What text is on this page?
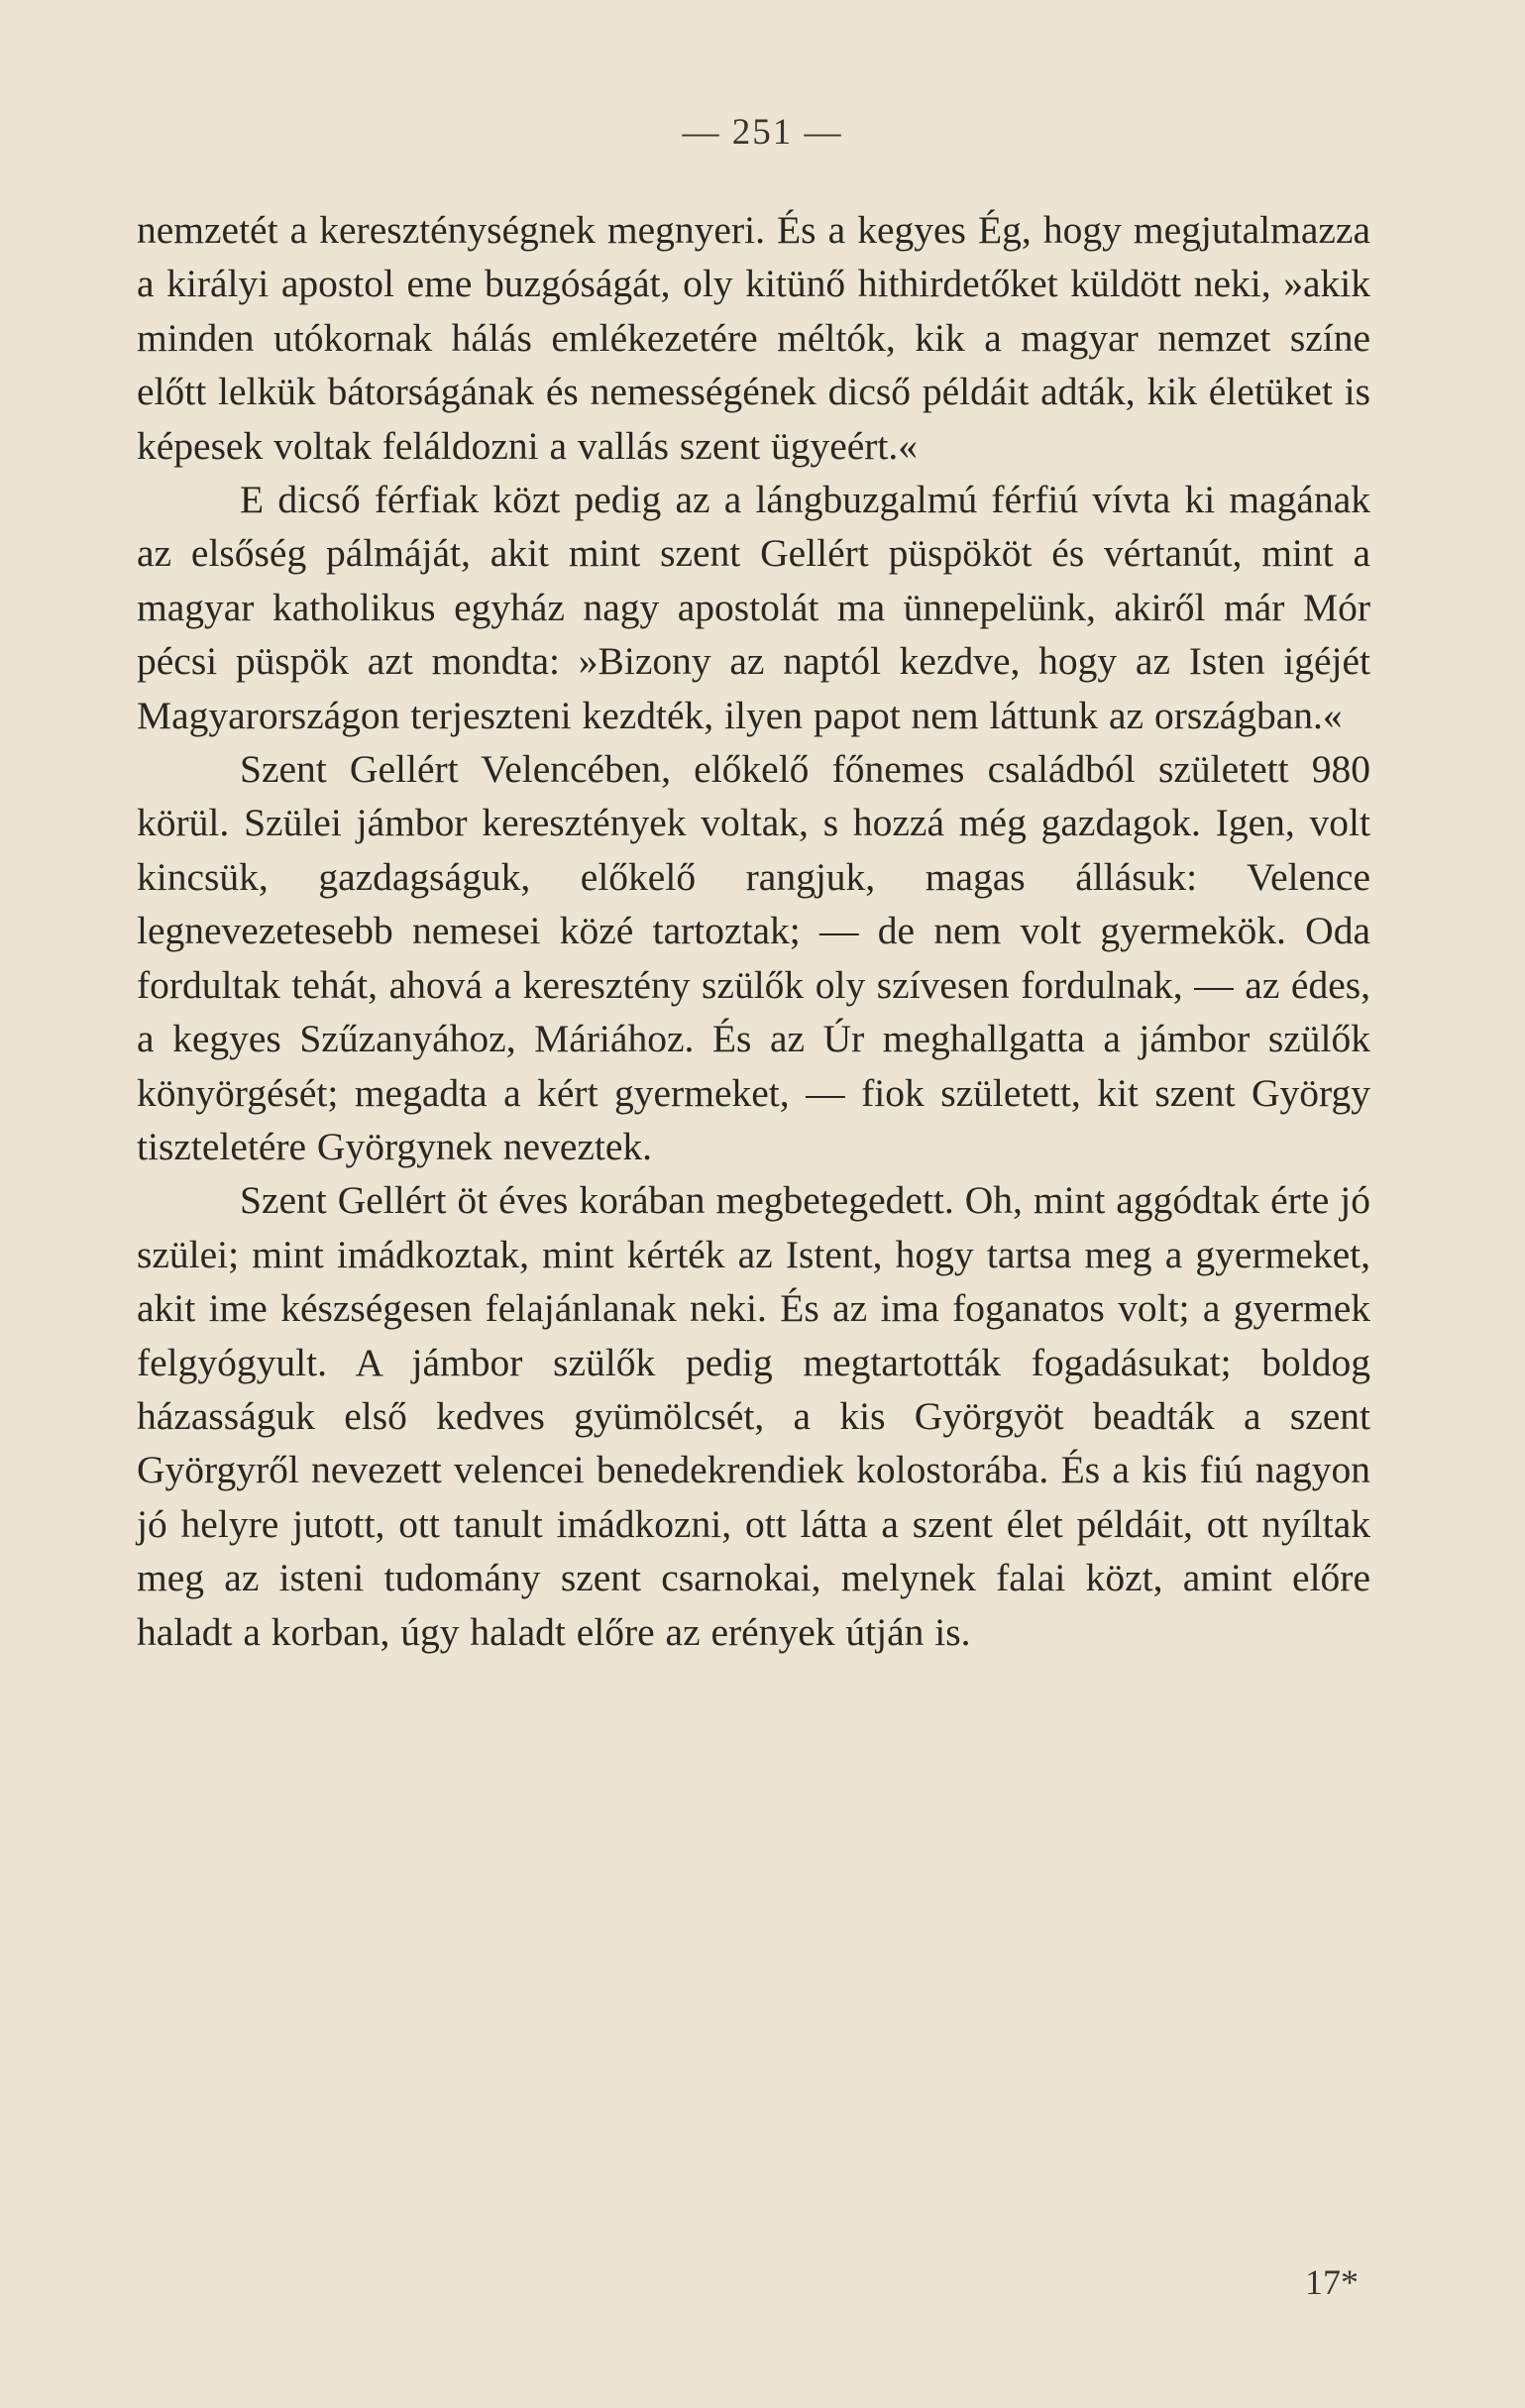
— 251 —

nemzetét a kereszténységnek megnyeri. És a kegyes Ég, hogy megjutalmazza a királyi apostol eme buzgóságát, oly kitünő hithirdetőket küldött neki, »akik minden utókornak hálás emlékezetére méltók, kik a magyar nemzet színe előtt lelkük bátorságának és nemességének dicső példáit adták, kik életüket is képesek voltak feláldozni a vallás szent ügyeért.«

E dicső férfiak közt pedig az a lángbuzgalmú férfiú vívta ki magának az elsőség pálmáját, akit mint szent Gellért püspököt és vértanút, mint a magyar katholikus egyház nagy apostolát ma ünnepelünk, akiről már Mór pécsi püspök azt mondta: »Bizony az naptól kezdve, hogy az Isten igéjét Magyarországon terjeszteni kezdték, ilyen papot nem láttunk az országban.«

Szent Gellért Velencében, előkelő főnemes családból született 980 körül. Szülei jámbor keresztények voltak, s hozzá még gazdagok. Igen, volt kincsük, gazdagságuk, előkelő rangjuk, magas állásuk: Velence legnevezetesebb nemesei közé tartoztak; — de nem volt gyermekök. Oda fordultak tehát, ahová a keresztény szülők oly szívesen fordulnak, — az édes, a kegyes Szűzanyához, Máriához. És az Úr meghallgatta a jámbor szülők könyörgését; megadta a kért gyermeket, — fiok született, kit szent György tiszteletére Györgynek neveztek.

Szent Gellért öt éves korában megbetegedett. Oh, mint aggódtak érte jó szülei; mint imádkoztak, mint kérték az Istent, hogy tartsa meg a gyermeket, akit ime készségesen felajánlanak neki. És az ima foganatos volt; a gyermek felgyógyult. A jámbor szülők pedig megtartották fogadásukat; boldog házasságuk első kedves gyümölcsét, a kis Györgyöt beadták a szent Györgyről nevezett velencei benedekrendiek kolostorába. És a kis fiú nagyon jó helyre jutott, ott tanult imádkozni, ott látta a szent élet példáit, ott nyíltak meg az isteni tudomány szent csarnokai, melynek falai közt, amint előre haladt a korban, úgy haladt előre az erények útján is.

17*
